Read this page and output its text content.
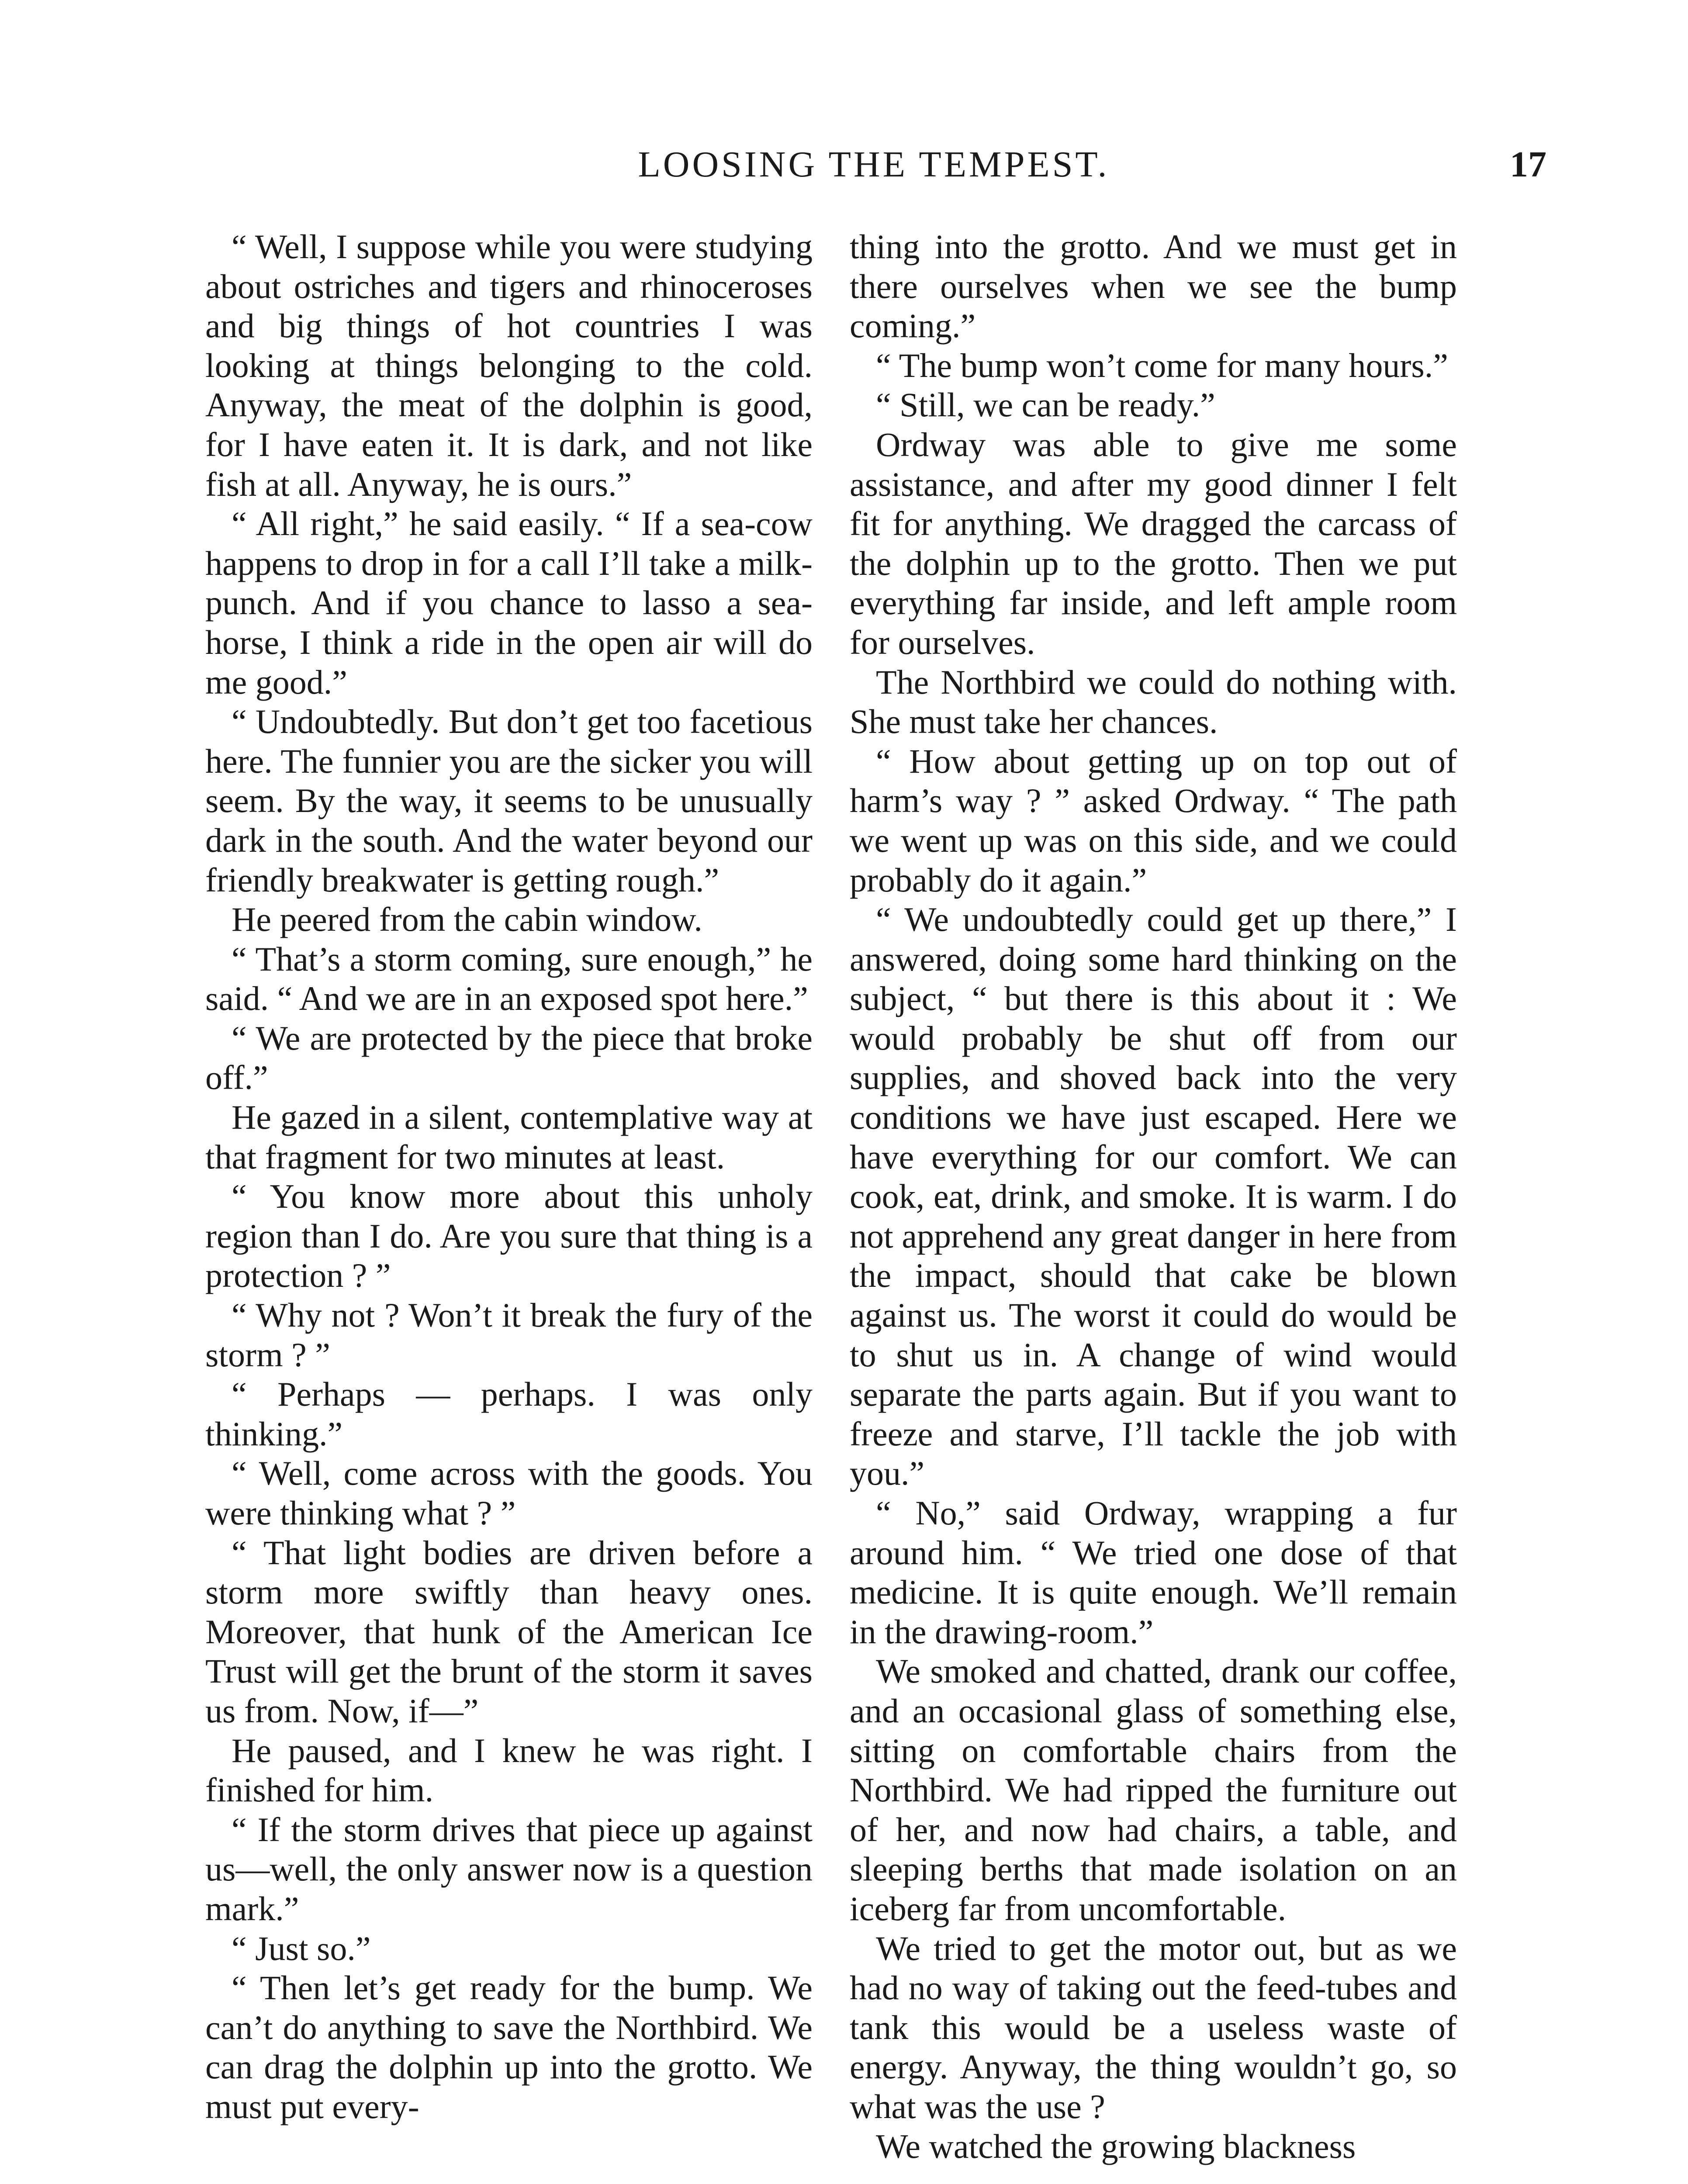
LOOSING THE TEMPEST.	17

“ Well, I suppose while you were studying about ostriches and tigers and rhinoceroses and big things of hot countries I was looking at things belonging to the cold. Anyway, the meat of the dolphin is good, for I have eaten it. It is dark, and not like fish at all. Anyway, he is ours.”

“ All right,” he said easily. “ If a sea-cow happens to drop in for a call I’ll take a milk-punch. And if you chance to lasso a sea-horse, I think a ride in the open air will do me good.”

“ Undoubtedly. But don’t get too facetious here. The funnier you are the sicker you will seem. By the way, it seems to be unusually dark in the south. And the water beyond our friendly breakwater is getting rough.”

He peered from the cabin window.

“ That’s a storm coming, sure enough,” he said. “ And we are in an exposed spot here.”

“ We are protected by the piece that broke off.”

He gazed in a silent, contemplative way at that fragment for two minutes at least.

“ You know more about this unholy region than I do. Are you sure that thing is a protection ? ”

“ Why not ? Won’t it break the fury of the storm ? ”

“ Perhaps — perhaps. I was only thinking.”

“ Well, come across with the goods. You were thinking what ? ”

“ That light bodies are driven before a storm more swiftly than heavy ones. Moreover, that hunk of the American Ice Trust will get the brunt of the storm it saves us from. Now, if—”

He paused, and I knew he was right. I finished for him.

“ If the storm drives that piece up against us—well, the only answer now is a question mark.”

“ Just so.”

“ Then let’s get ready for the bump. We can’t do anything to save the Northbird. We can drag the dolphin up into the grotto. We must put every-

thing into the grotto. And we must get in there ourselves when we see the bump coming.”

“ The bump won’t come for many hours.”

“ Still, we can be ready.”

Ordway was able to give me some assistance, and after my good dinner I felt fit for anything. We dragged the carcass of the dolphin up to the grotto. Then we put everything far inside, and left ample room for ourselves.

The Northbird we could do nothing with. She must take her chances.

“ How about getting up on top out of harm’s way ? ” asked Ordway. “ The path we went up was on this side, and we could probably do it again.”

“ We undoubtedly could get up there,” I answered, doing some hard thinking on the subject, “ but there is this about it : We would probably be shut off from our supplies, and shoved back into the very conditions we have just escaped. Here we have everything for our comfort. We can cook, eat, drink, and smoke. It is warm. I do not apprehend any great danger in here from the impact, should that cake be blown against us. The worst it could do would be to shut us in. A change of wind would separate the parts again. But if you want to freeze and starve, I’ll tackle the job with you.”

“ No,” said Ordway, wrapping a fur around him. “ We tried one dose of that medicine. It is quite enough. We’ll remain in the drawing-room.”

We smoked and chatted, drank our coffee, and an occasional glass of something else, sitting on comfortable chairs from the Northbird. We had ripped the furniture out of her, and now had chairs, a table, and sleeping berths that made isolation on an iceberg far from uncomfortable.

We tried to get the motor out, but as we had no way of taking out the feed-tubes and tank this would be a useless waste of energy. Anyway, the thing wouldn’t go, so what was the use ?

We watched the growing blackness
